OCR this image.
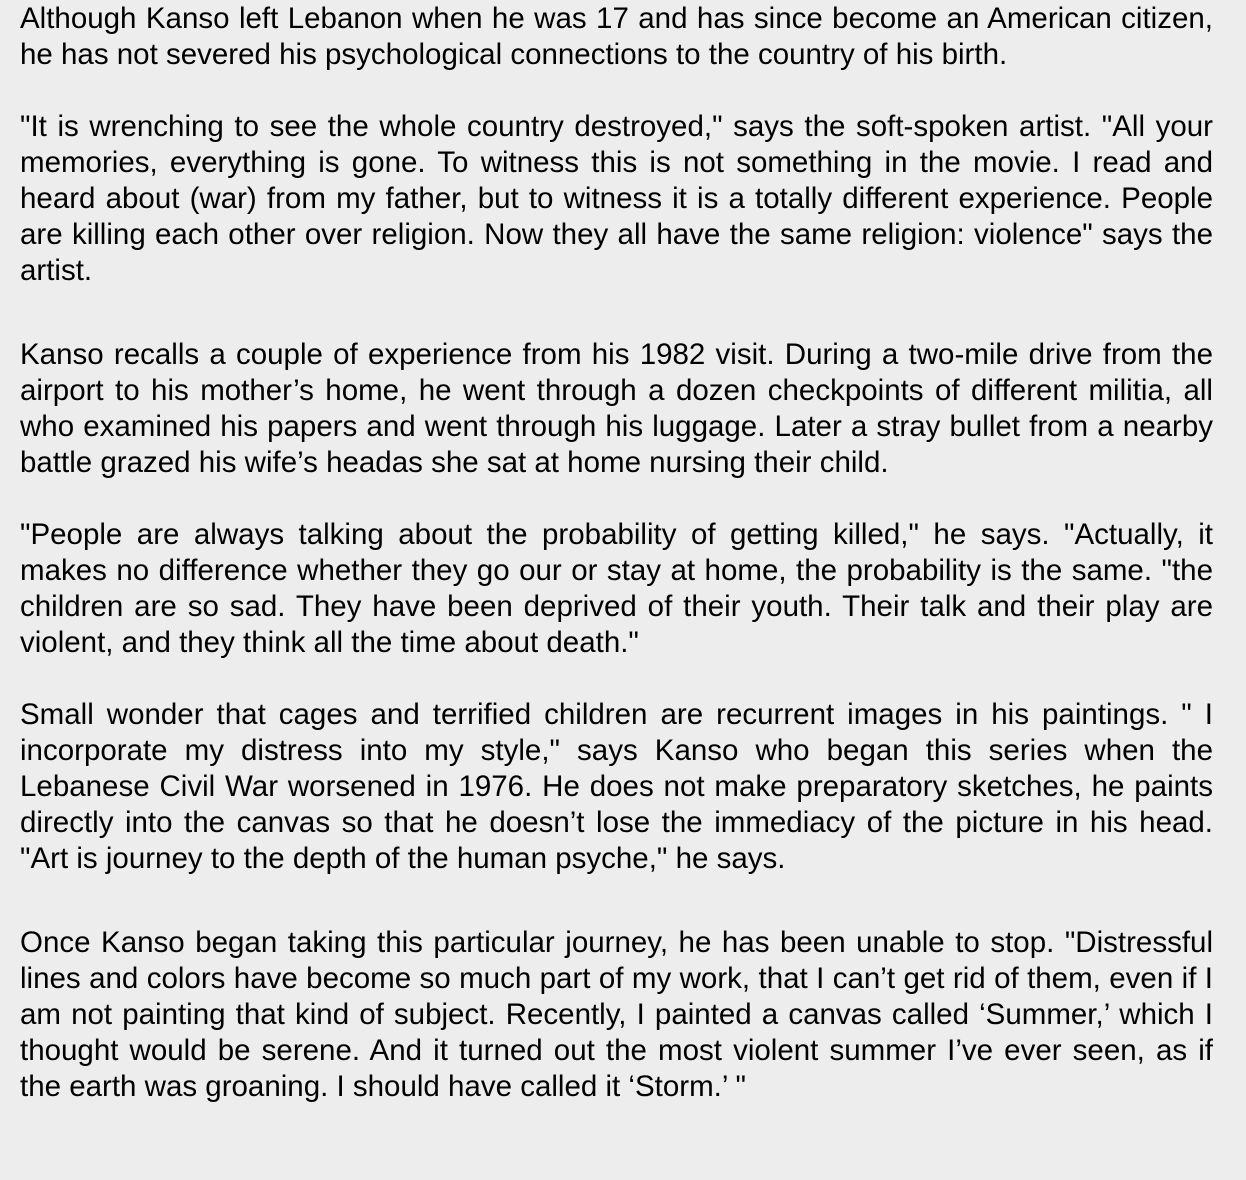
Although Kanso left Lebanon when he was 17 and has since become an American citizen, he has not severed his psychological connections to the country of his birth.

"It is wrenching to see the whole country destroyed," says the soft-spoken artist. "All your memories, everything is gone. To witness this is not something in the movie. I read and heard about (war) from my father, but to witness it is a totally different experience. People are killing each other over religion. Now they all have the same religion: violence" says the artist.

Kanso recalls a couple of experience from his 1982 visit. During a two-mile drive from the airport to his mother’s home, he went through a dozen checkpoints of different militia, all who examined his papers and went through his luggage. Later a stray bullet from a nearby battle grazed his wife’s headas she sat at home nursing their child.

"People are always talking about the probability of getting killed," he says. "Actually, it makes no difference whether they go our or stay at home, the probability is the same. "the children are so sad. They have been deprived of their youth. Their talk and their play are violent, and they think all the time about death."

Small wonder that cages and terrified children are recurrent images in his paintings. " I incorporate my distress into my style," says Kanso who began this series when the Lebanese Civil War worsened in 1976. He does not make preparatory sketches, he paints directly into the canvas so that he doesn’t lose the immediacy of the picture in his head. "Art is journey to the depth of the human psyche," he says.

Once Kanso began taking this particular journey, he has been unable to stop. "Distressful lines and colors have become so much part of my work, that I can’t get rid of them, even if I am not painting that kind of subject. Recently, I painted a canvas called ‘Summer,’ which I thought would be serene. And it turned out the most violent summer I’ve ever seen, as if the earth was groaning. I should have called it ‘Storm.’ "
